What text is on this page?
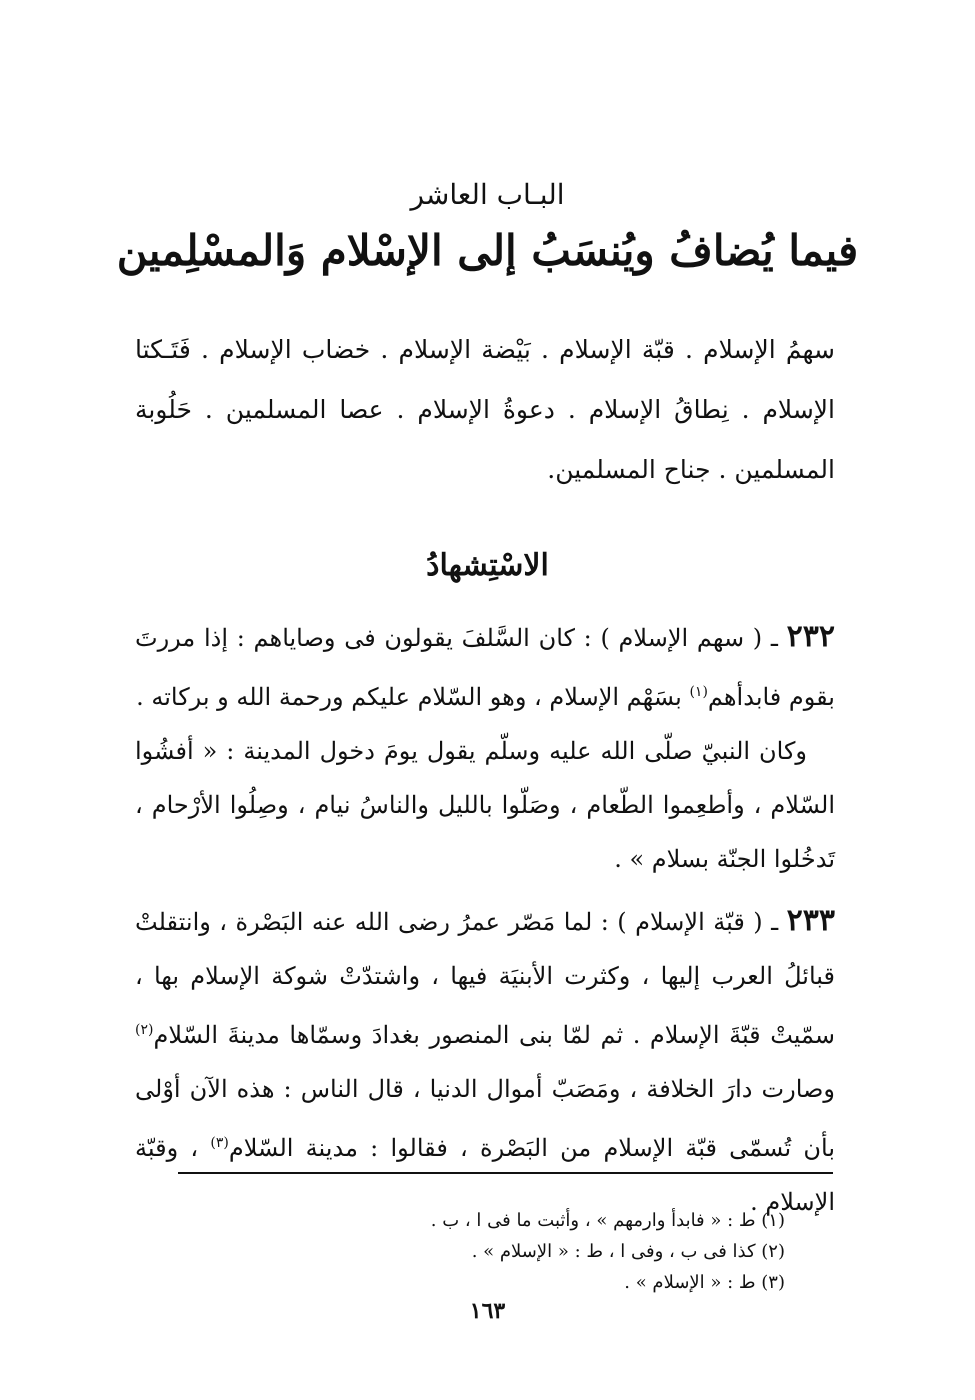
البـاب العاشر
فيما يُضافُ ويُنسَبُ إلى الإسْلام وَالمسْلِمين
سهمُ الإسلام . قبّة الإسلام . بَيْضة الإسلام . خضاب الإسلام . فَتَـكتا الإسلام . نِطاقُ الإسلام . دعوةُ الإسلام . عصا المسلمين . حَلُوبة المسلمين . جناح المسلمين.
الاسْتِشهادُ

٢٣٢ ـ ( سهم الإسلام ) : كان السَّلفَ يقولون فى وصاياهم : إذا مررتَ بقوم فابدأهم$^{(١)}$ بسَهْم الإسلام ، وهو السّلام عليكم ورحمة الله و بركاته .

وكان النبيّ صلّى الله عليه وسلّم يقول يومَ دخول المدينة : « أفشُوا السّلام ، وأطعِموا الطّعام ، وصَلّوا بالليل والناسُ نيام ، وصِلُوا الأرْحام ، تَدخُلوا الجنّة بسلام » .

٢٣٣ ـ ( قبّة الإسلام ) : لما مَصّر عمرُ رضى الله عنه البَصْرة ، وانتقلتْ قبائلُ العرب إليها ، وكثرت الأبنيَة فيها ، واشتدّتْ شوكة الإسلام بها ، سمّيتْ قبّةَ الإسلام . ثم لمّا بنى المنصور بغدادَ وسمّاها مدينةَ السّلام$^{(٢)}$ وصارت دارَ الخلافة ، ومَصَبّ أموال الدنيا ، قال الناس : هذه الآن أوْلى بأن تُسمّى قبّة الإسلام من البَصْرة ، فقالوا : مدينة السّلام$^{(٣)}$ ، وقبّة الإسلام .

(١) ط : « فابدأ وارمهم » ، وأثبت ما فى ا ، ب .
(٢) كذا فى ب ، وفى ا ، ط : « الإسلام » .
(٣) ط : « الإسلام » .
١٦٣
